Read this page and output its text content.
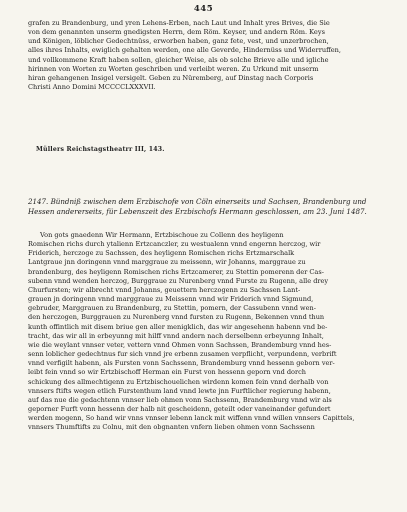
445
grafen zu Brandenburg, und yren Lehens-Erben, nach Laut und Inhalt yres Brives, die Sie
von dem genannten unserm gnedigsten Herrn, dem Röm. Keyser, und andern Röm. Keys
und Königen, löblicher Gedechtnüss, erworben haben, ganz fete, vest, und unzerbrochen,
alles ihres Inhalts, ewiglich gehalten werden, one alle Geverde, Hindernüss und Widerruffen,
und vollkommene Kraft haben sollen, gleicher Weise, als ob solche Brieve alle und igliche
hirinnen von Worten zu Worten geschriben und verleibt weren. Zu Urkund mit unserm
hiran gehangenen Insigel versigelt. Geben zu Nüremberg, auf Dinstag nach Corporis
Christi Anno Domini MCCCCLXXXVII.
Müllers Reichstagstheatrr III, 143.
2147. Bündniß zwischen dem Erzbischofe von Cöln einerseits und Sachsen, Brandenburg und
Hessen andererseits, für Lebenszeit des Erzbischofs Hermann geschlossen, am 23. Juni 1487.
Von gots gnaedenn Wir Hermann, Ertzbischoue zu Collenn des heyligenn
Romischen richs durch ytalienn Ertzcanczler, zu westualenn vnnd engernn herczog, wir
Friderich, herczoge zu Sachssen, des heyligenn Romischen richs Ertzmarschalk
Lantgraue jnn doringenn vnnd marggraue zu meissenn, wir Johanns, marggraue zu
brandenburg, des heyligenn Romischen richs Ertzcamerer, zu Stettin pomerenn der Cas-
subenn vnnd wenden herczog, Burggraue zu Nurenberg vnnd Furste zu Rugenn, alle drey
Churfursten; wir albrecht vnnd Johanns, geuettern herczogenn zu Sachssen Lant-
grauen jn doringenn vnnd marggraue zu Meissenn vnnd wir Friderich vnnd Sigmund,
gebruder, Marggrauen zu Brandenburg, zu Stettin, pomern, der Cassubenn vnnd wen-
den herczogen, Burggrauen zu Nurenberg vnnd fursten zu Rugenn, Bekennen vnnd thun
kunth offintlich mit disem briue gen aller menigklich, das wir angesehenn habenn vnd be-
tracht, das wir all in erbeyunng mit hilff vnnd andern nach derselbenn erbeyunng Inhalt,
wie die weylant vnnser veter, vettern vnnd Ohmen vonn Sachssen, Brandemburg vnnd hes-
senn loblicher gedechtnus fur sich vnnd jre erbenn zusamen verpflicht, verpundenn, verbrift
vnnd verfigilt habenn, als Fursten vonn Sachssenn, Brandemburg vnnd hessenn geborn ver-
leibt fein vnnd so wir Ertzbischoff Herman ein Furst von hessenn geporn vnd dorch
schickung des allmechtigenn zu Ertzbischouelichen wirdenn komen fein vnnd derhalb von
vnnsers ftifts wegen etlich Furstenthum land vnnd lewte jnn Furftlicher regierung habenn,
auf das nue die gedachtenn vnnser lieb ohmen vonn Sachssenn, Brandemburg vnnd wir als
geporner Furft vonn hessenn der halb nit gescheidenn, geteilt oder vaneinander gefundert
werden mogenn, So hand wir vnns vnnser lebenn lanck mit wiffenn vnnd willen vnnsers Capittels,
vnnsers Thumftifts zu Colnu, mit den obgnanten vnfern lieben ohmen vonn Sachssenn
